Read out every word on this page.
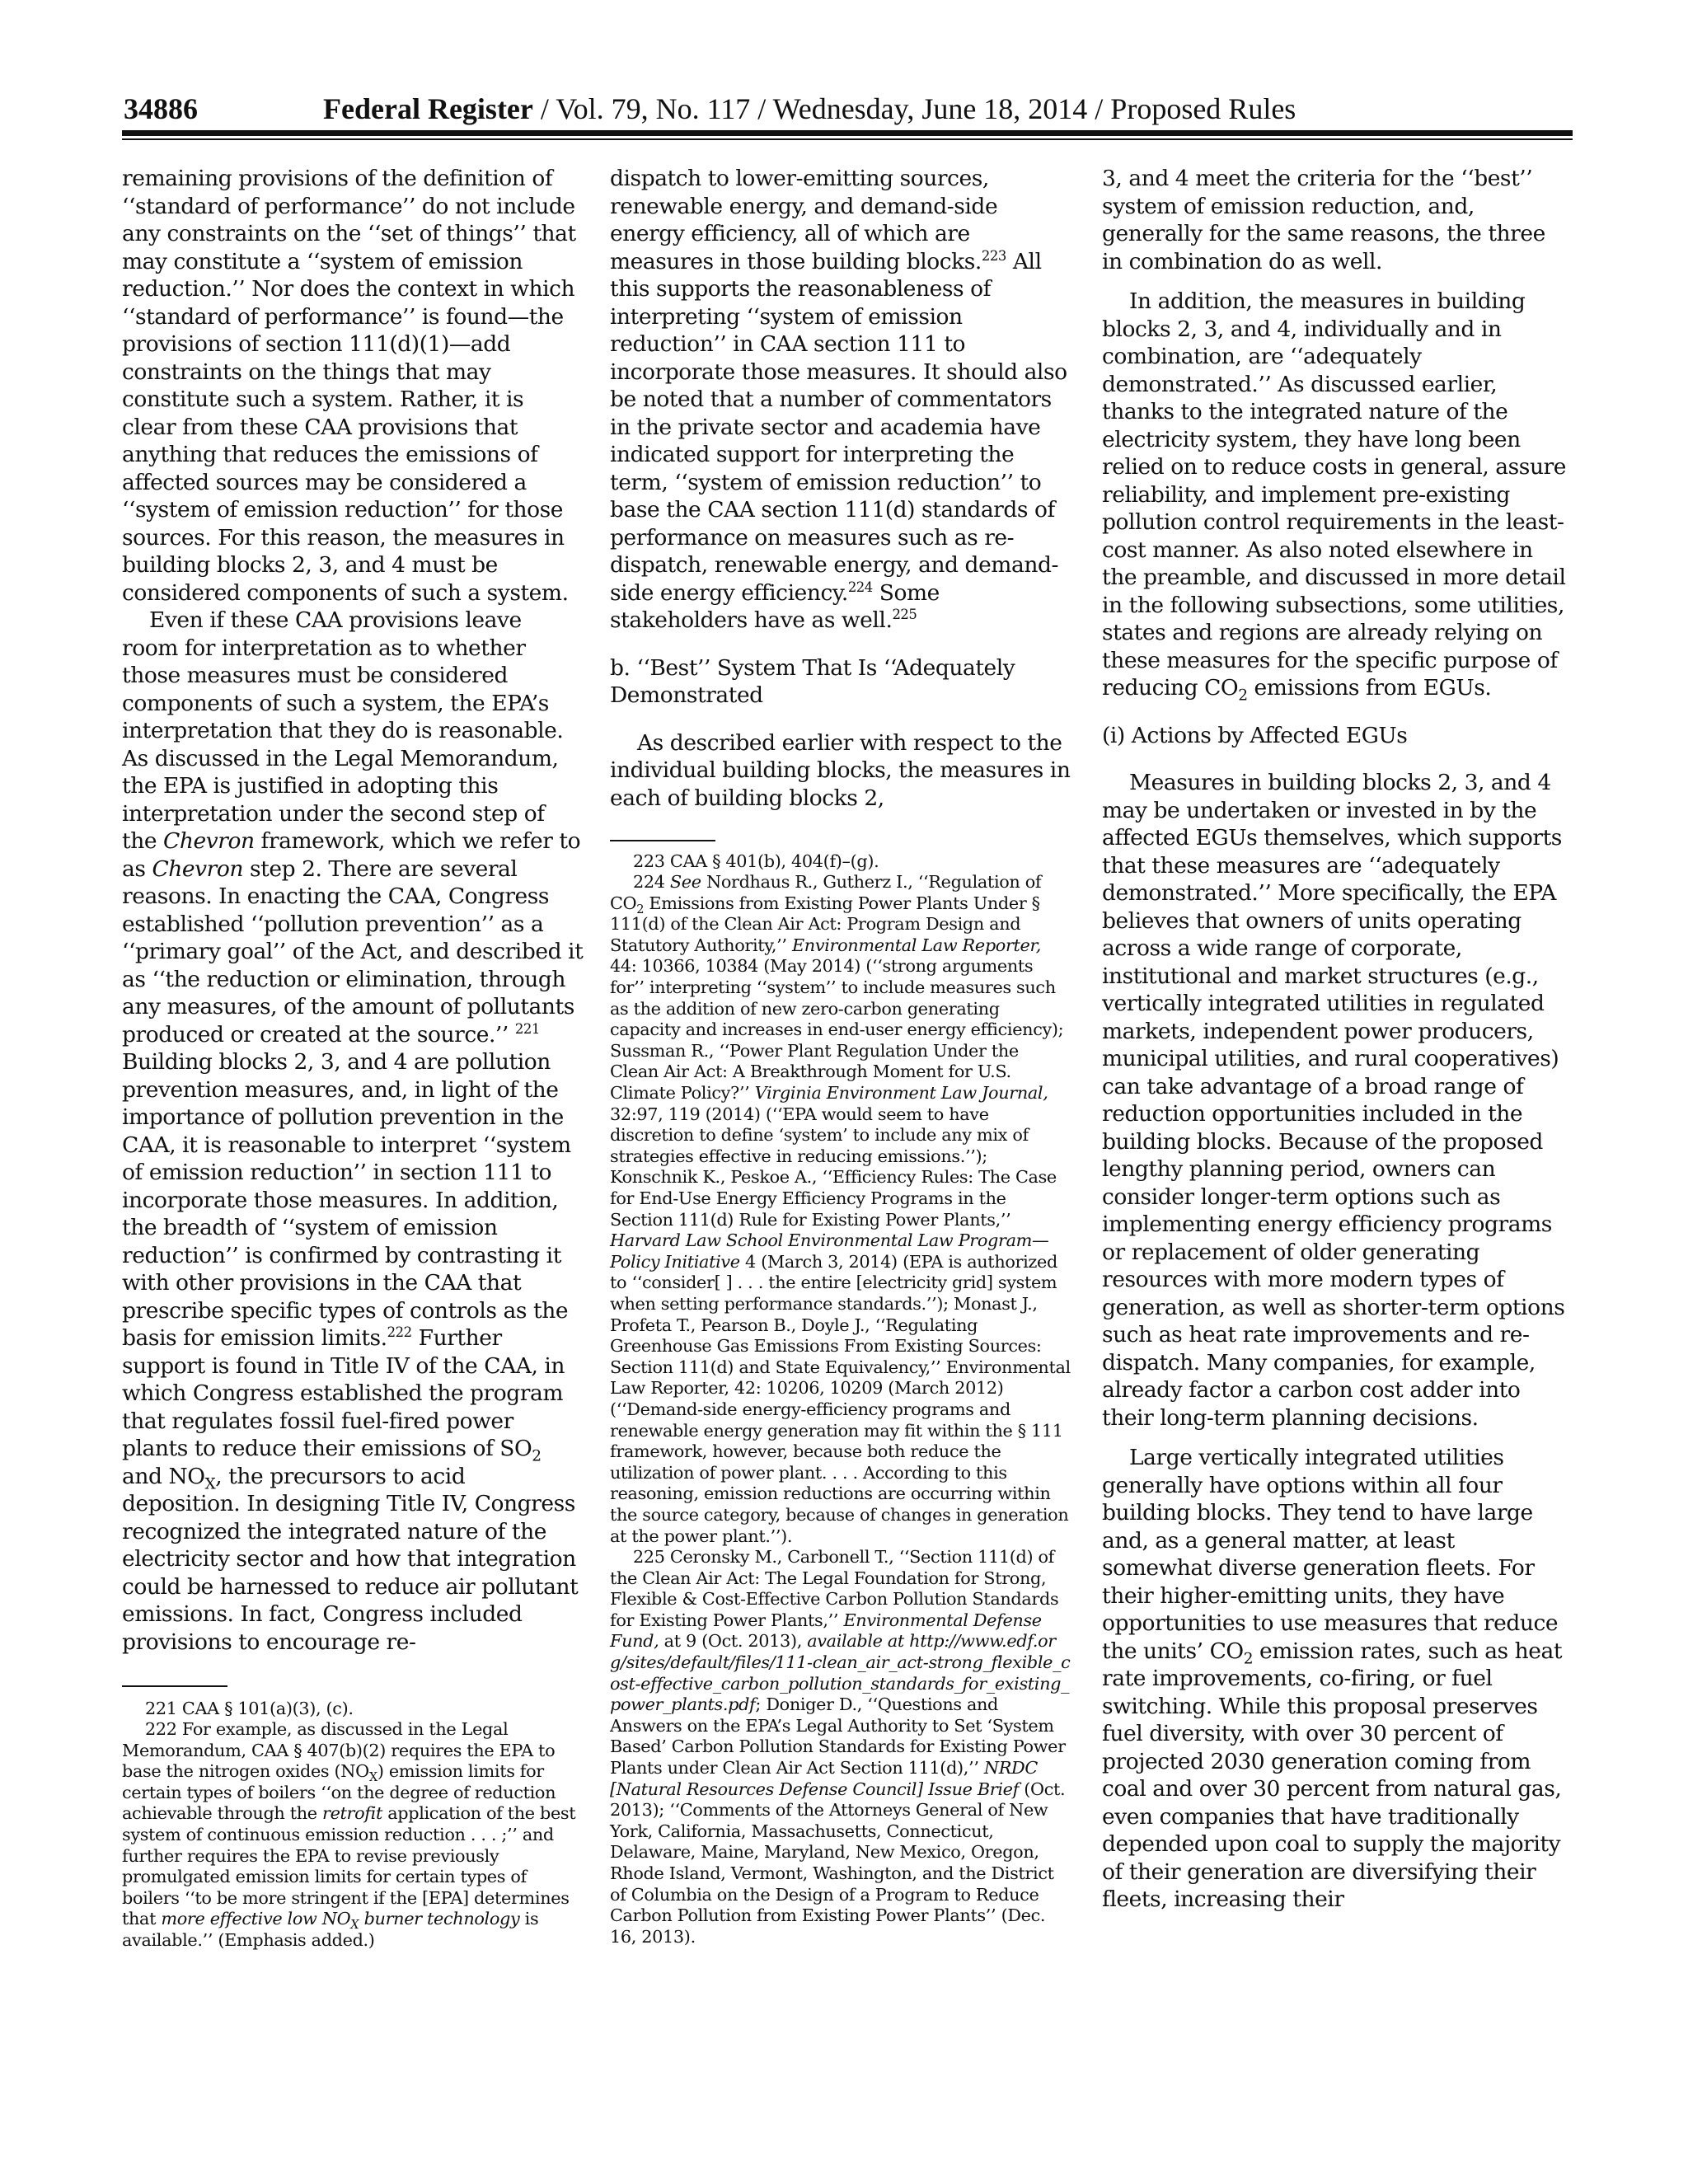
34886	Federal Register / Vol. 79, No. 117 / Wednesday, June 18, 2014 / Proposed Rules

remaining provisions of the definition of ‘‘standard of performance’’ do not include any constraints on the ‘‘set of things’’ that may constitute a ‘‘system of emission reduction.’’ Nor does the context in which ‘‘standard of performance’’ is found—the provisions of section 111(d)(1)—add constraints on the things that may constitute such a system. Rather, it is clear from these CAA provisions that anything that reduces the emissions of affected sources may be considered a ‘‘system of emission reduction’’ for those sources. For this reason, the measures in building blocks 2, 3, and 4 must be considered components of such a system.

Even if these CAA provisions leave room for interpretation as to whether those measures must be considered components of such a system, the EPA’s interpretation that they do is reasonable. As discussed in the Legal Memorandum, the EPA is justified in adopting this interpretation under the second step of the Chevron framework, which we refer to as Chevron step 2. There are several reasons. In enacting the CAA, Congress established ‘‘pollution prevention’’ as a ‘‘primary goal’’ of the Act, and described it as ‘‘the reduction or elimination, through any measures, of the amount of pollutants produced or created at the source.’’ $^{221}$ Building blocks 2, 3, and 4 are pollution prevention measures, and, in light of the importance of pollution prevention in the CAA, it is reasonable to interpret ‘‘system of emission reduction’’ in section 111 to incorporate those measures. In addition, the breadth of ‘‘system of emission reduction’’ is confirmed by contrasting it with other provisions in the CAA that prescribe specific types of controls as the basis for emission limits.$^{222}$ Further support is found in Title IV of the CAA, in which Congress established the program that regulates fossil fuel-fired power plants to reduce their emissions of $SO_2$ and $NO_X$, the precursors to acid deposition. In designing Title IV, Congress recognized the integrated nature of the electricity sector and how that integration could be harnessed to reduce air pollutant emissions. In fact, Congress included provisions to encourage re-

221 CAA § 101(a)(3), (c).

222 For example, as discussed in the Legal Memorandum, CAA § 407(b)(2) requires the EPA to base the nitrogen oxides $(NO_X)$ emission limits for certain types of boilers ‘‘on the degree of reduction achievable through the retrofit application of the best system of continuous emission reduction . . . ;’’ and further requires the EPA to revise previously promulgated emission limits for certain types of boilers ‘‘to be more stringent if the [EPA] determines that more effective low $NO_X$ burner technology is available.’’ (Emphasis added.)

dispatch to lower-emitting sources, renewable energy, and demand-side energy efficiency, all of which are measures in those building blocks.$^{223}$ All this supports the reasonableness of interpreting ‘‘system of emission reduction’’ in CAA section 111 to incorporate those measures. It should also be noted that a number of commentators in the private sector and academia have indicated support for interpreting the term, ‘‘system of emission reduction’’ to base the CAA section 111(d) standards of performance on measures such as re-dispatch, renewable energy, and demand-side energy efficiency.$^{224}$ Some stakeholders have as well.$^{225}$

b. ‘‘Best’’ System That Is ‘‘Adequately Demonstrated

As described earlier with respect to the individual building blocks, the measures in each of building blocks 2,

223 CAA § 401(b), 404(f)–(g).

224 See Nordhaus R., Gutherz I., ‘‘Regulation of $CO_2$ Emissions from Existing Power Plants Under § 111(d) of the Clean Air Act: Program Design and Statutory Authority,’’ Environmental Law Reporter, 44: 10366, 10384 (May 2014) (‘‘strong arguments for’’ interpreting ‘‘system’’ to include measures such as the addition of new zero-carbon generating capacity and increases in end-user energy efficiency); Sussman R., ‘‘Power Plant Regulation Under the Clean Air Act: A Breakthrough Moment for U.S. Climate Policy?’’ Virginia Environment Law Journal, 32:97, 119 (2014) (‘‘EPA would seem to have discretion to define ‘system’ to include any mix of strategies effective in reducing emissions.’’); Konschnik K., Peskoe A., ‘‘Efficiency Rules: The Case for End-Use Energy Efficiency Programs in the Section 111(d) Rule for Existing Power Plants,’’ Harvard Law School Environmental Law Program—Policy Initiative 4 (March 3, 2014) (EPA is authorized to ‘‘consider[ ] . . . the entire [electricity grid] system when setting performance standards.’’); Monast J., Profeta T., Pearson B., Doyle J., ‘‘Regulating Greenhouse Gas Emissions From Existing Sources: Section 111(d) and State Equivalency,’’ Environmental Law Reporter, 42: 10206, 10209 (March 2012) (‘‘Demand-side energy-efficiency programs and renewable energy generation may fit within the § 111 framework, however, because both reduce the utilization of power plant. . . . According to this reasoning, emission reductions are occurring within the source category, because of changes in generation at the power plant.’’).

225 Ceronsky M., Carbonell T., ‘‘Section 111(d) of the Clean Air Act: The Legal Foundation for Strong, Flexible & Cost-Effective Carbon Pollution Standards for Existing Power Plants,’’ Environmental Defense Fund, at 9 (Oct. 2013), available at http://www.edf.org/sites/default/files/111-clean_air_act-strong_flexible_cost-effective_carbon_pollution_standards_for_existing_power_plants.pdf; Doniger D., ‘‘Questions and Answers on the EPA’s Legal Authority to Set ‘System Based’ Carbon Pollution Standards for Existing Power Plants under Clean Air Act Section 111(d),’’ NRDC [Natural Resources Defense Council] Issue Brief (Oct. 2013); ‘‘Comments of the Attorneys General of New York, California, Massachusetts, Connecticut, Delaware, Maine, Maryland, New Mexico, Oregon, Rhode Island, Vermont, Washington, and the District of Columbia on the Design of a Program to Reduce Carbon Pollution from Existing Power Plants’’ (Dec. 16, 2013).

3, and 4 meet the criteria for the ‘‘best’’ system of emission reduction, and, generally for the same reasons, the three in combination do as well.

In addition, the measures in building blocks 2, 3, and 4, individually and in combination, are ‘‘adequately demonstrated.’’ As discussed earlier, thanks to the integrated nature of the electricity system, they have long been relied on to reduce costs in general, assure reliability, and implement pre-existing pollution control requirements in the least-cost manner. As also noted elsewhere in the preamble, and discussed in more detail in the following subsections, some utilities, states and regions are already relying on these measures for the specific purpose of reducing $CO_2$ emissions from EGUs.

(i) Actions by Affected EGUs

Measures in building blocks 2, 3, and 4 may be undertaken or invested in by the affected EGUs themselves, which supports that these measures are ‘‘adequately demonstrated.’’ More specifically, the EPA believes that owners of units operating across a wide range of corporate, institutional and market structures (e.g., vertically integrated utilities in regulated markets, independent power producers, municipal utilities, and rural cooperatives) can take advantage of a broad range of reduction opportunities included in the building blocks. Because of the proposed lengthy planning period, owners can consider longer-term options such as implementing energy efficiency programs or replacement of older generating resources with more modern types of generation, as well as shorter-term options such as heat rate improvements and re-dispatch. Many companies, for example, already factor a carbon cost adder into their long-term planning decisions.

Large vertically integrated utilities generally have options within all four building blocks. They tend to have large and, as a general matter, at least somewhat diverse generation fleets. For their higher-emitting units, they have opportunities to use measures that reduce the units’ $CO_2$ emission rates, such as heat rate improvements, co-firing, or fuel switching. While this proposal preserves fuel diversity, with over 30 percent of projected 2030 generation coming from coal and over 30 percent from natural gas, even companies that have traditionally depended upon coal to supply the majority of their generation are diversifying their fleets, increasing their
